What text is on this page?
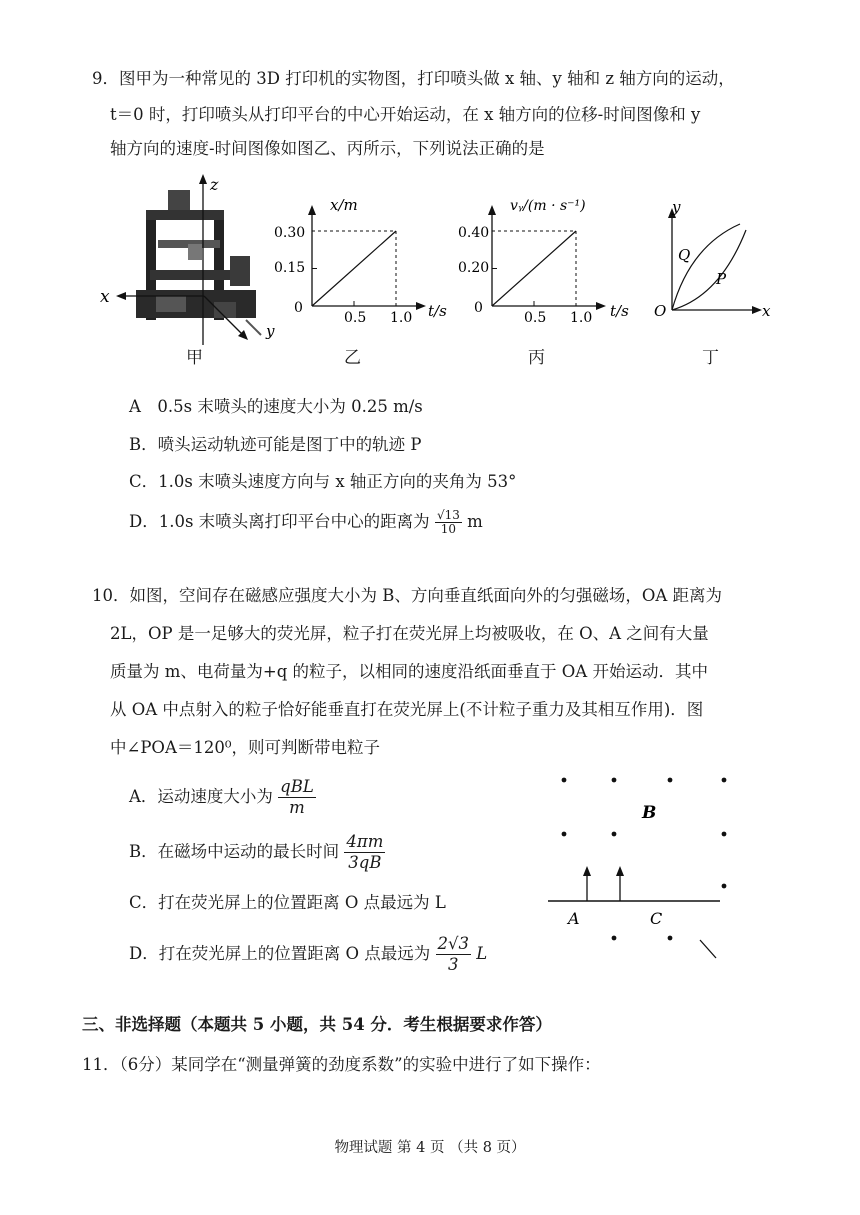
9．图甲为一种常见的 3D 打印机的实物图，打印喷头做 x 轴、y 轴和 z 轴方向的运动，
t＝0 时，打印喷头从打印平台的中心开始运动，在 x 轴方向的位移-时间图像和 y
轴方向的速度-时间图像如图乙、丙所示，下列说法正确的是
z
x
y
甲
x/m
0.30
0.15
0
0.5 1.0 t/s
乙
vᵧ/(m · s⁻¹)
0.40
0.20
0
0.5 1.0 t/s
丙
y
x
O
Q
P
丁
A　0.5s 末喷头的速度大小为 0.25 m/s
B．喷头运动轨迹可能是图丁中的轨迹 P
C．1.0s 末喷头速度方向与 x 轴正方向的夹角为 53°
D．1.0s 末喷头离打印平台中心的距离为 $\frac{√13}{10}$ m
10．如图，空间存在磁感应强度大小为 B、方向垂直纸面向外的匀强磁场，OA 距离为
2L，OP 是一足够大的荧光屏，粒子打在荧光屏上均被吸收，在 O、A 之间有大量
质量为 m、电荷量为+q 的粒子，以相同的速度沿纸面垂直于 OA 开始运动．其中
从 OA 中点射入的粒子恰好能垂直打在荧光屏上(不计粒子重力及其相互作用)．图
中∠POA＝120⁰，则可判断带电粒子
A．运动速度大小为 $\frac{\text{qBL}}{m}$
B．在磁场中运动的最长时间 $\frac{4\pi m}{3qB}$
C．打在荧光屏上的位置距离 O 点最远为 L
D．打在荧光屏上的位置距离 O 点最远为 $\frac{2√3}{3}$ L
B
A	C
三、非选择题（本题共 5 小题，共 54 分．考生根据要求作答）
11．（6分）某同学在“测量弹簧的劲度系数”的实验中进行了如下操作：
物理试题 第 4 页 （共 8 页）
